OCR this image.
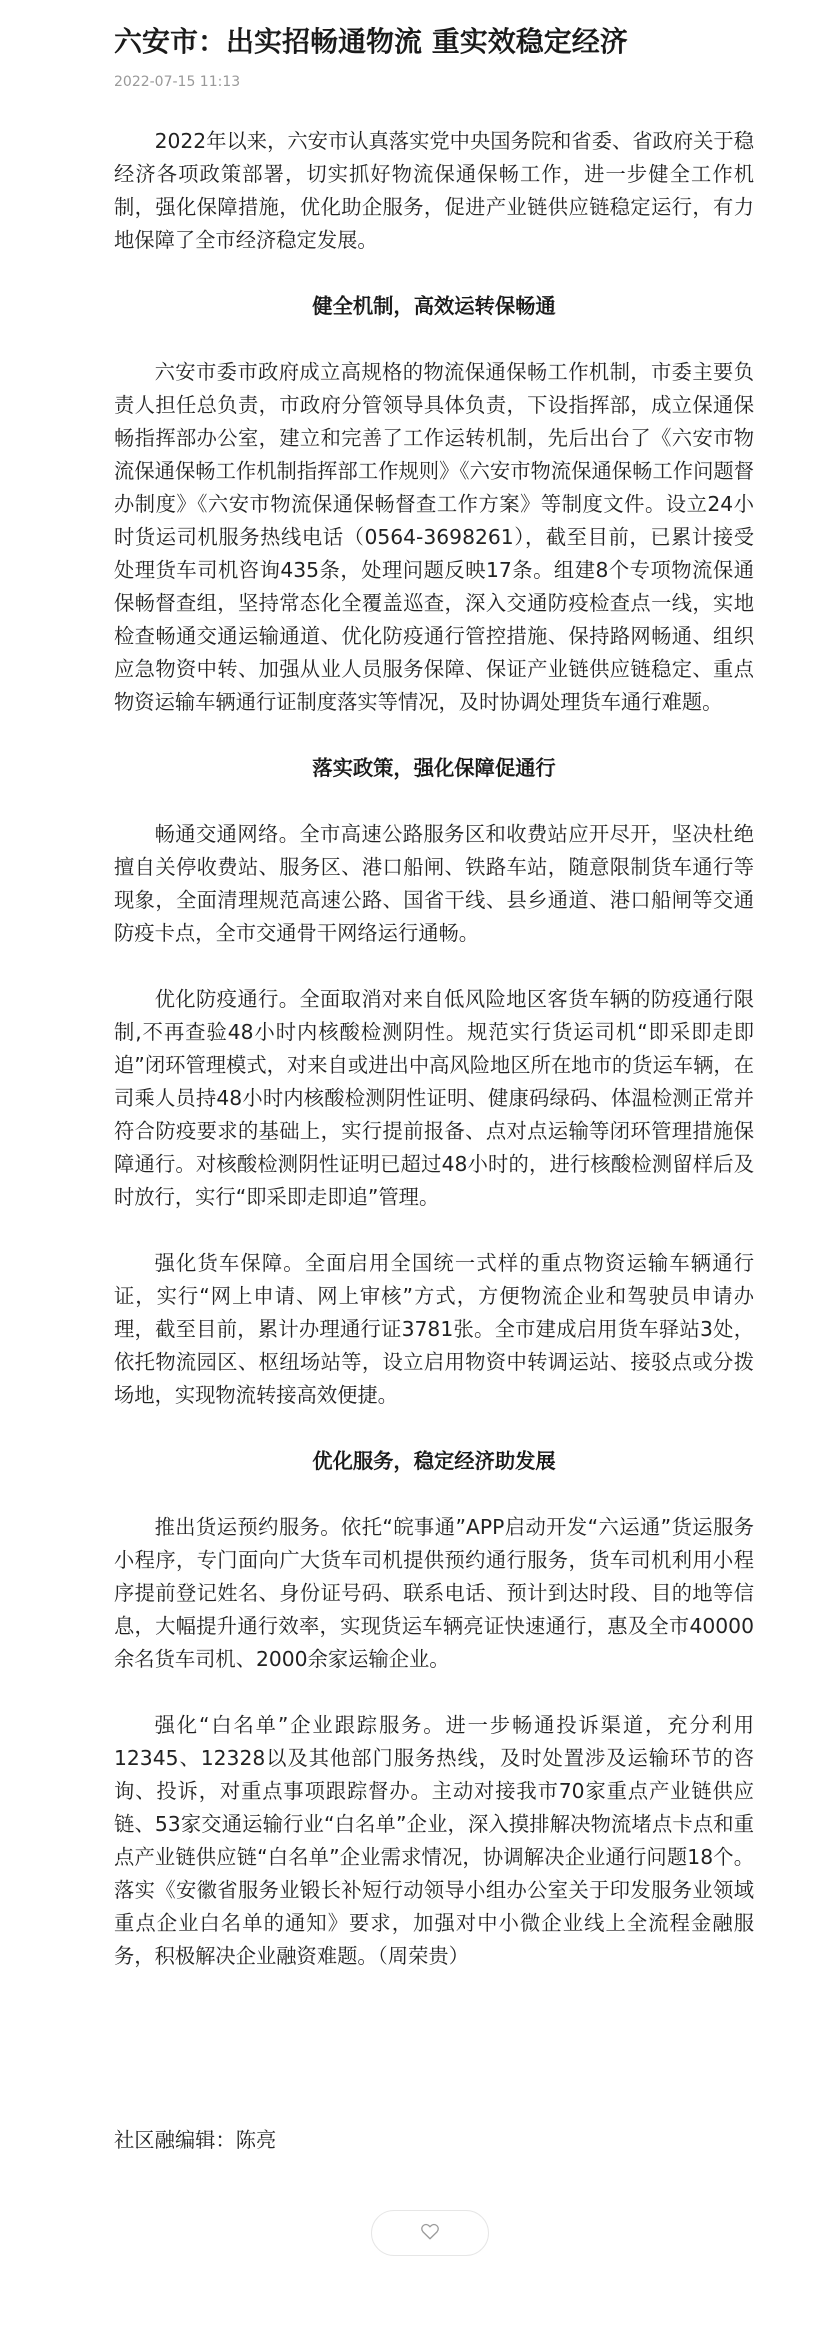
六安市：出实招畅通物流 重实效稳定经济
2022-07-15 11:13

2022年以来，六安市认真落实党中央国务院和省委、省政府关于稳经济各项政策部署，切实抓好物流保通保畅工作，进一步健全工作机制，强化保障措施，优化助企服务，促进产业链供应链稳定运行，有力地保障了全市经济稳定发展。

健全机制，高效运转保畅通

六安市委市政府成立高规格的物流保通保畅工作机制，市委主要负责人担任总负责，市政府分管领导具体负责，下设指挥部，成立保通保畅指挥部办公室，建立和完善了工作运转机制，先后出台了《六安市物流保通保畅工作机制指挥部工作规则》《六安市物流保通保畅工作问题督办制度》《六安市物流保通保畅督查工作方案》等制度文件。设立24小时货运司机服务热线电话（0564-3698261），截至目前，已累计接受处理货车司机咨询435条，处理问题反映17条。组建8个专项物流保通保畅督查组，坚持常态化全覆盖巡查，深入交通防疫检查点一线，实地检查畅通交通运输通道、优化防疫通行管控措施、保持路网畅通、组织应急物资中转、加强从业人员服务保障、保证产业链供应链稳定、重点物资运输车辆通行证制度落实等情况，及时协调处理货车通行难题。

落实政策，强化保障促通行

畅通交通网络。全市高速公路服务区和收费站应开尽开，坚决杜绝擅自关停收费站、服务区、港口船闸、铁路车站，随意限制货车通行等现象，全面清理规范高速公路、国省干线、县乡通道、港口船闸等交通防疫卡点，全市交通骨干网络运行通畅。

优化防疫通行。全面取消对来自低风险地区客货车辆的防疫通行限制,不再查验48小时内核酸检测阴性。规范实行货运司机“即采即走即追”闭环管理模式，对来自或进出中高风险地区所在地市的货运车辆，在司乘人员持48小时内核酸检测阴性证明、健康码绿码、体温检测正常并符合防疫要求的基础上，实行提前报备、点对点运输等闭环管理措施保障通行。对核酸检测阴性证明已超过48小时的，进行核酸检测留样后及时放行，实行“即采即走即追”管理。

强化货车保障。全面启用全国统一式样的重点物资运输车辆通行证，实行“网上申请、网上审核”方式，方便物流企业和驾驶员申请办理，截至目前，累计办理通行证3781张。全市建成启用货车驿站3处，依托物流园区、枢纽场站等，设立启用物资中转调运站、接驳点或分拨场地，实现物流转接高效便捷。

优化服务，稳定经济助发展

推出货运预约服务。依托“皖事通”APP启动开发“六运通”货运服务小程序，专门面向广大货车司机提供预约通行服务，货车司机利用小程序提前登记姓名、身份证号码、联系电话、预计到达时段、目的地等信息，大幅提升通行效率，实现货运车辆亮证快速通行，惠及全市40000余名货车司机、2000余家运输企业。

强化“白名单”企业跟踪服务。进一步畅通投诉渠道，充分利用12345、12328以及其他部门服务热线，及时处置涉及运输环节的咨询、投诉，对重点事项跟踪督办。主动对接我市70家重点产业链供应链、53家交通运输行业“白名单”企业，深入摸排解决物流堵点卡点和重点产业链供应链“白名单”企业需求情况，协调解决企业通行问题18个。落实《安徽省服务业锻长补短行动领导小组办公室关于印发服务业领域重点企业白名单的通知》要求，加强对中小微企业线上全流程金融服务，积极解决企业融资难题。（周荣贵）

社区融编辑：陈亮
